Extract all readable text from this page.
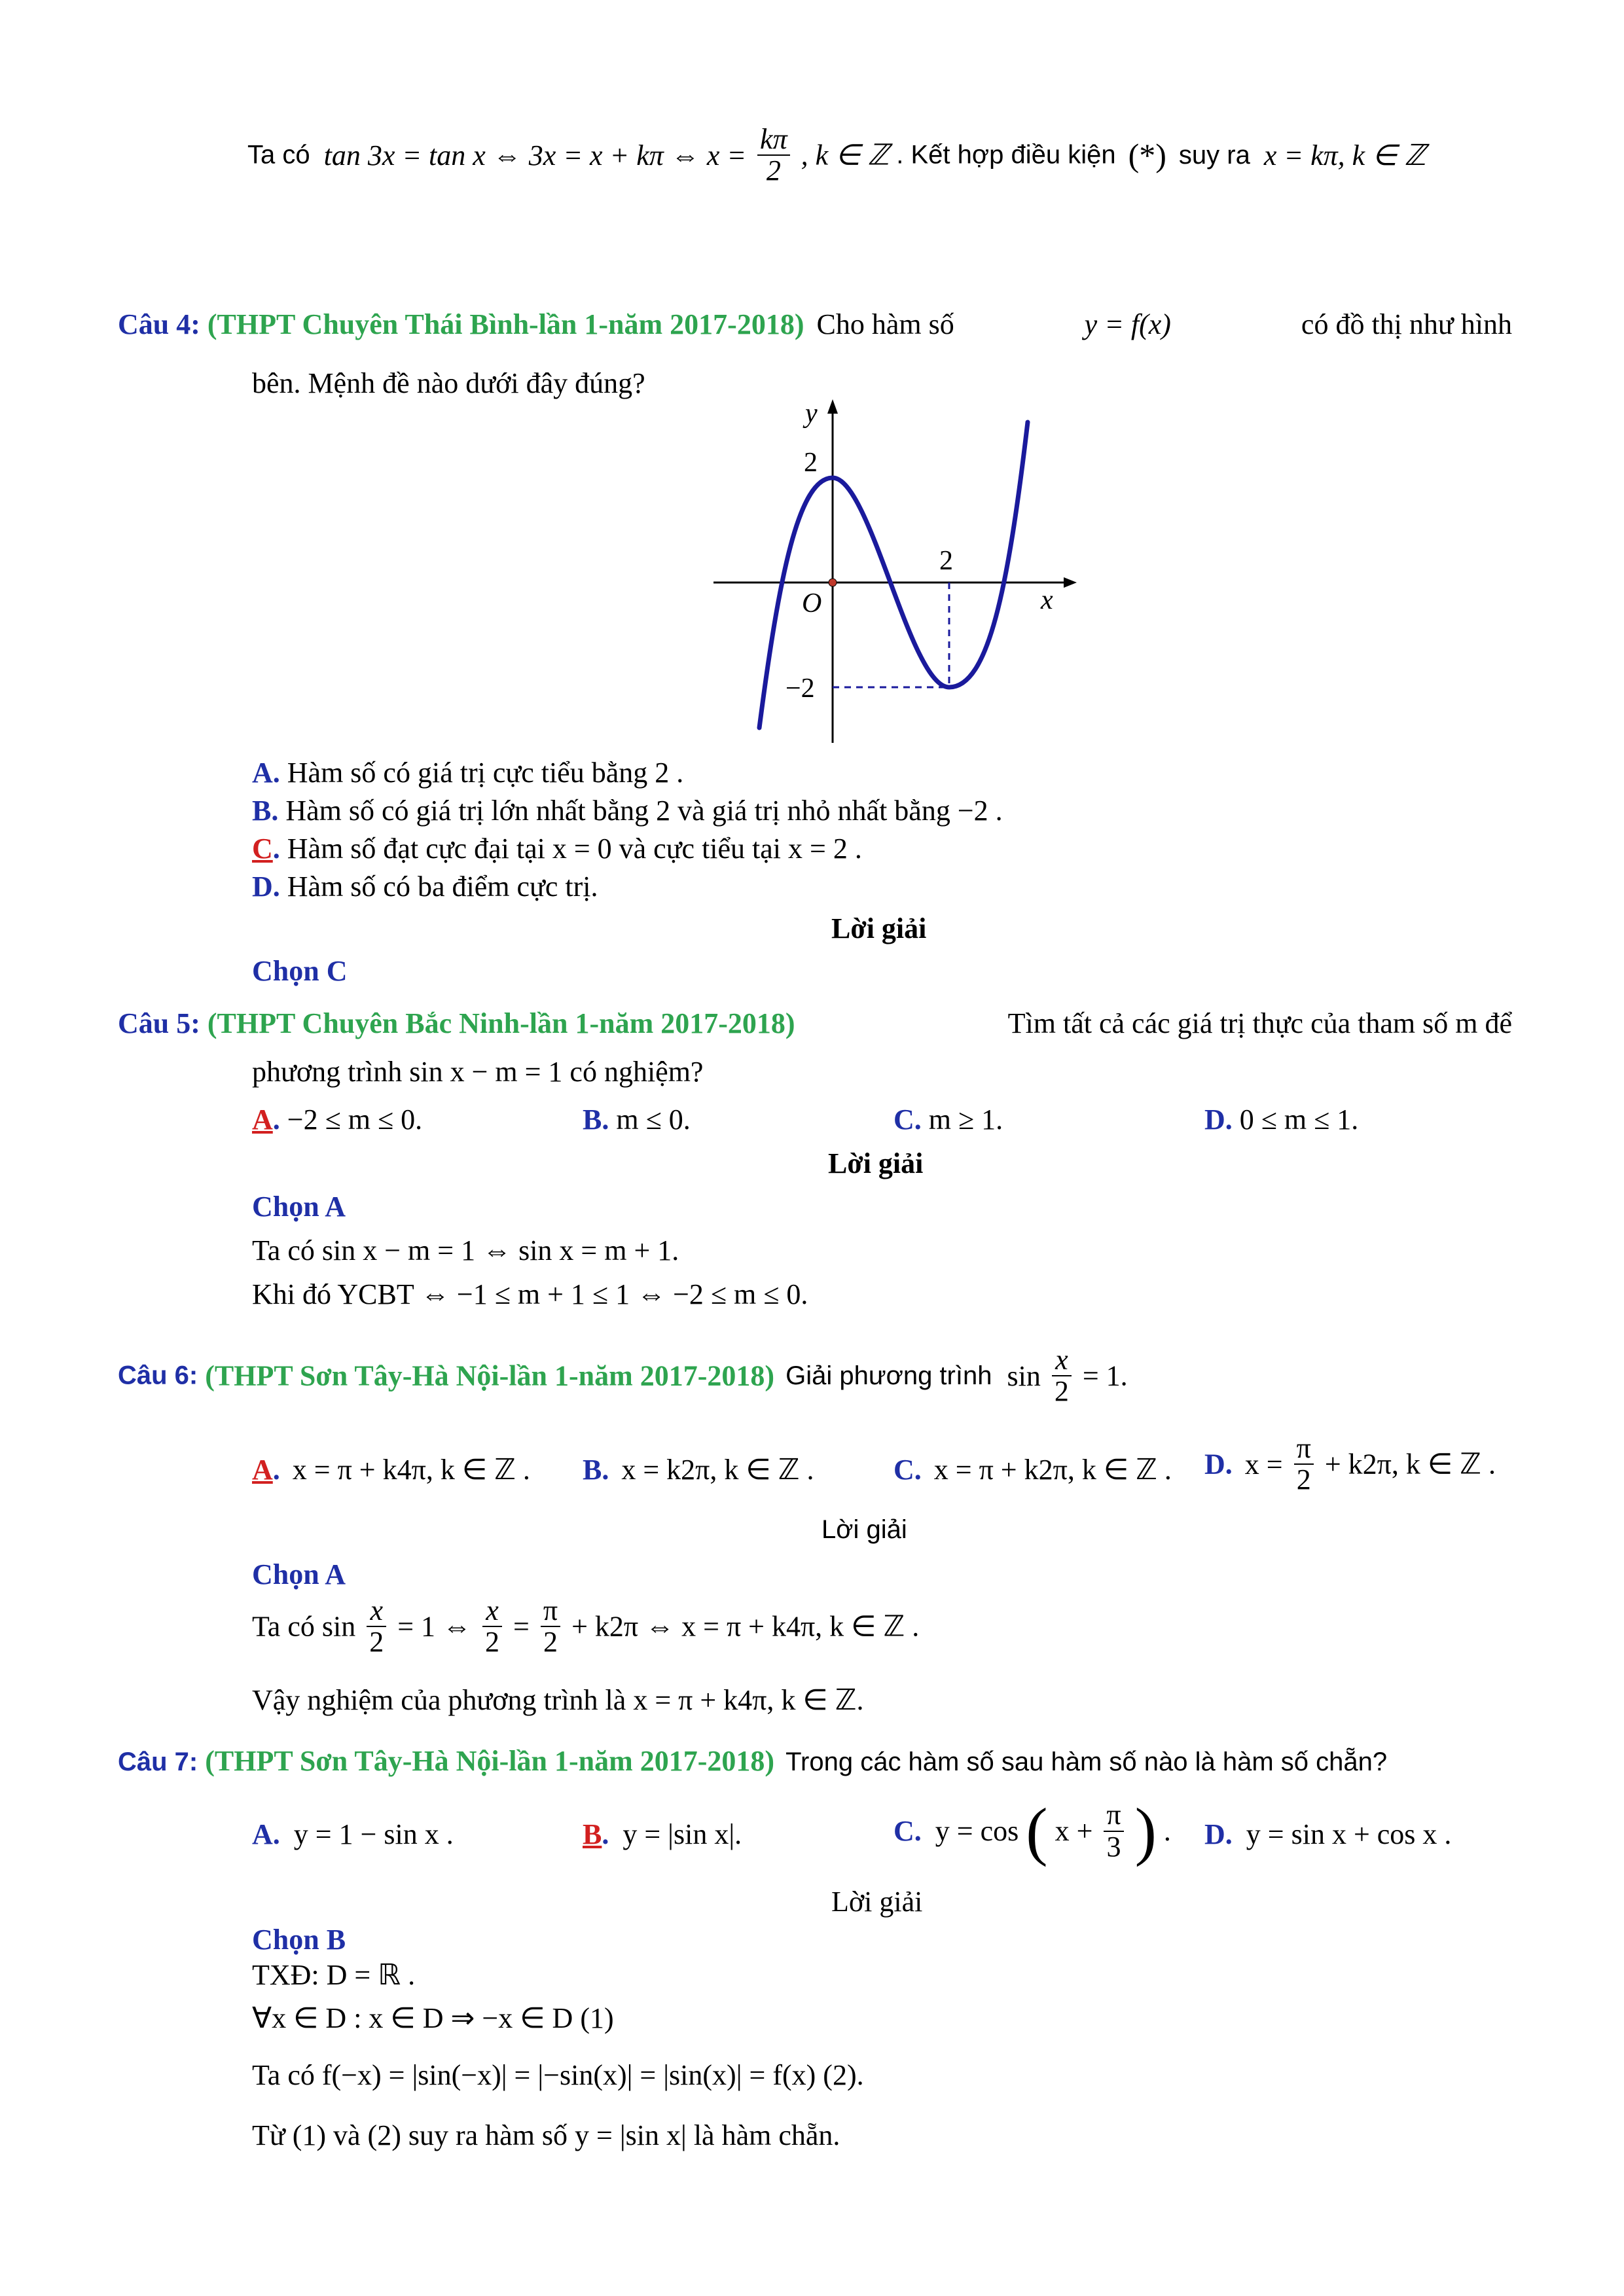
Ta có tan 3x = tan x ⇔ 3x = x + kπ ⇔ $x = \frac{k\pi}{2}$ , k ∈ ℤ . Kết hợp điều kiện (*) suy ra x = kπ, k ∈ ℤ
Câu 4: (THPT Chuyên Thái Bình-lần 1-năm 2017-2018) Cho hàm số	y = f(x)	có đồ thị như hình
bên. Mệnh đề nào dưới đây đúng?
y
x
O
2
2
−2
A. Hàm số có giá trị cực tiểu bằng 2 .
B. Hàm số có giá trị lớn nhất bằng 2 và giá trị nhỏ nhất bằng −2 .
C. Hàm số đạt cực đại tại x = 0 và cực tiểu tại x = 2 .
D. Hàm số có ba điểm cực trị.
Lời giải
Chọn C
Câu 5: (THPT Chuyên Bắc Ninh-lần 1-năm 2017-2018)	Tìm tất cả các giá trị thực của tham số m để
phương trình sin x − m = 1 có nghiệm?
A. −2 ≤ m ≤ 0.	B. m ≤ 0.	C. m ≥ 1.	D. 0 ≤ m ≤ 1.
Lời giải
Chọn A
Ta có sin x − m = 1 ⇔ sin x = m + 1.
Khi đó YCBT ⇔ −1 ≤ m + 1 ≤ 1 ⇔ −2 ≤ m ≤ 0.
Câu 6: (THPT Sơn Tây-Hà Nội-lần 1-năm 2017-2018) Giải phương trình $\sin \frac{x}{2} = 1$.
A. x = π + k4π, k ∈ ℤ . B. x = k2π, k ∈ ℤ .	C. x = π + k2π, k ∈ ℤ . D. $x = \frac{\pi}{2} + k2\pi$, k ∈ ℤ .
Lời giải
Chọn A
Ta có $\sin \frac{x}{2} = 1$ ⇔ $\frac{x}{2} = \frac{\pi}{2} + k2\pi$ ⇔ x = π + k4π, k ∈ ℤ .
Vậy nghiệm của phương trình là x = π + k4π, k ∈ ℤ.
Câu 7: (THPT Sơn Tây-Hà Nội-lần 1-năm 2017-2018) Trong các hàm số sau hàm số nào là hàm số chẵn?
A. y = 1 − sin x .	B. y = |sin x|.	C. y = cos ( $x + \frac{\pi}{3}$ ) . D. y = sin x + cos x .
Lời giải
Chọn B
TXĐ: D = ℝ .
∀x ∈ D : x ∈ D ⇒ −x ∈ D (1)
Ta có f(−x) = |sin(−x)| = |−sin(x)| = |sin(x)| = f(x) (2).
Từ (1) và (2) suy ra hàm số y = |sin x| là hàm chẵn.
